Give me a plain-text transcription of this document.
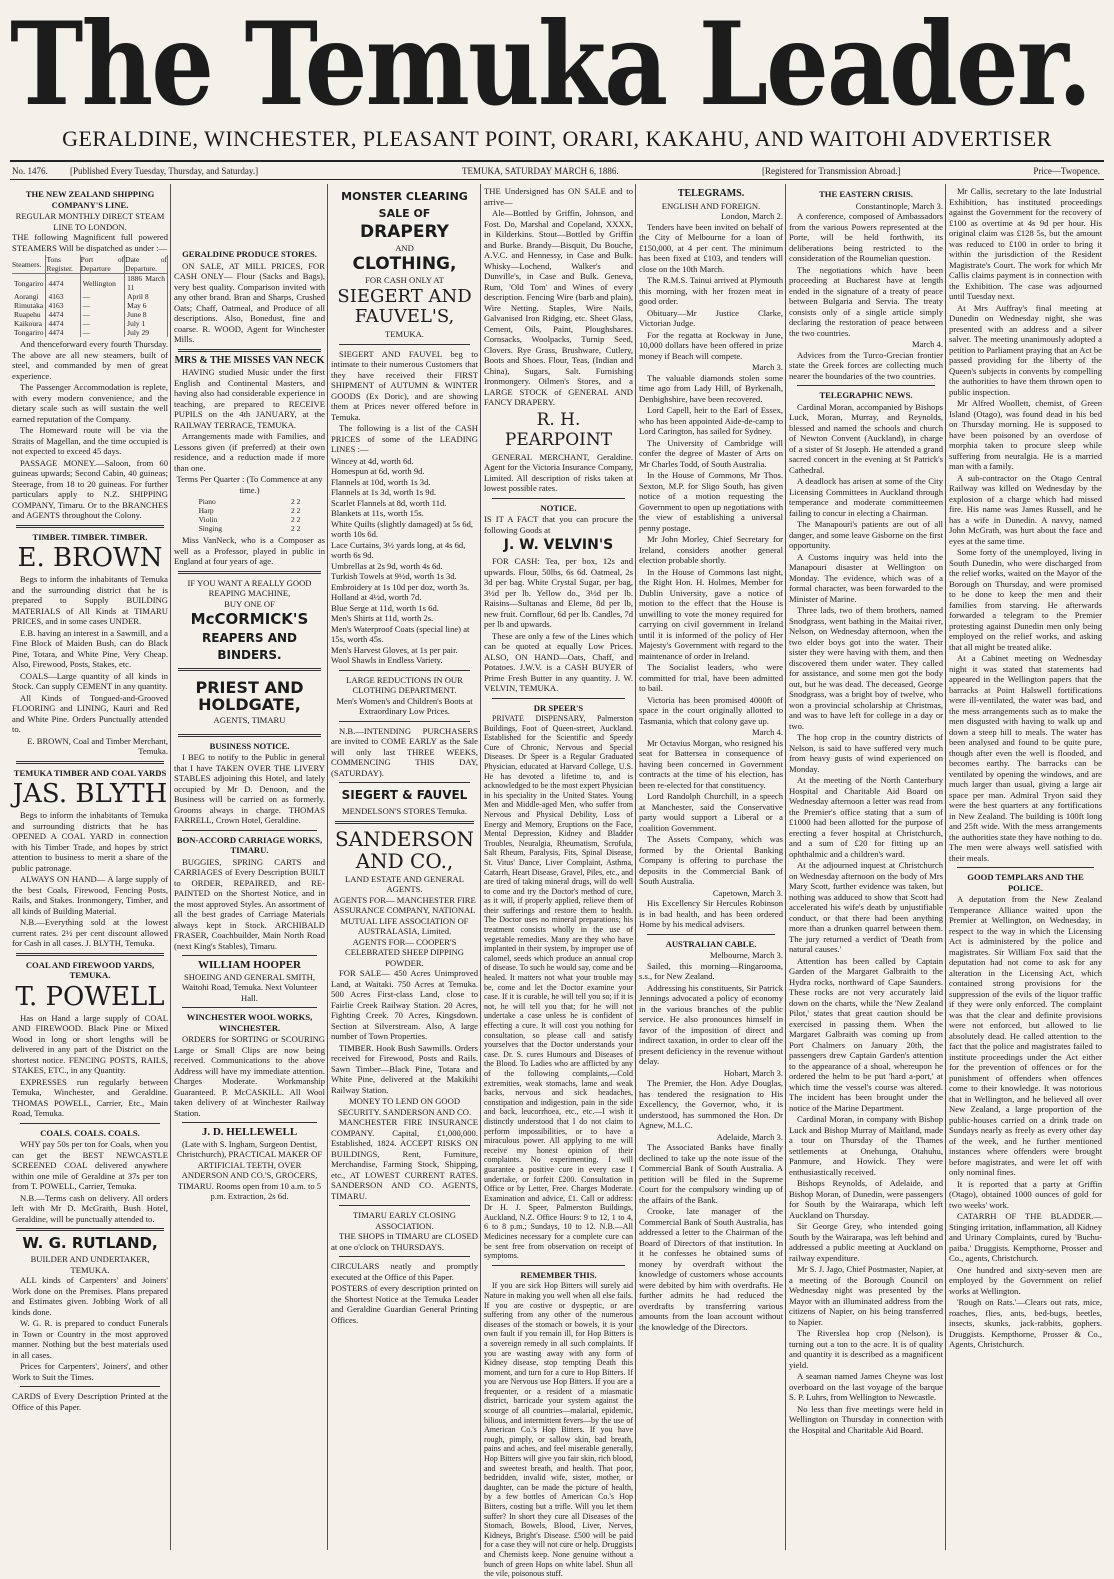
The Temuka Leader.
GERALDINE, WINCHESTER, PLEASANT POINT, ORARI, KAKAHU, AND WAITOHI ADVERTISER
No. 1476. [Published Every Tuesday, Thursday, and Saturday.]	TEMUKA, SATURDAY MARCH 6, 1886.	[Registered for Transmission Abroad.]	Price—Twopence.
THE NEW ZEALAND SHIPPING COMPANY'S LINE.
REGULAR MONTHLY DIRECT STEAM LINE TO LONDON.

THE following Magnificent full powered STEAMERS Will be dispatched as under :—

Steamers.	Tons Register.	Port of Departure	Date of Departure.
Tongariro	4474	Wellington	1886 March 11
Aorangi	4163	—	April 8
Rimutaka	4163	—	May 6
Ruapehu	4474	—	June 8
Kaikoura	4474	—	July 1
Tongariro	4474	—	July 29

And thenceforward every fourth Thursday. The above are all new steamers, built of steel, and commanded by men of great experience.

The Passenger Accommodation is replete, with every modern convenience, and the dietary scale such as will sustain the well earned reputation of the Company.

The Homeward route will be via the Straits of Magellan, and the time occupied is not expected to exceed 45 days.

PASSAGE MONEY.—Saloon, from 60 guineas upwards; Second Cabin, 40 guineas; Steerage, from 18 to 20 guineas. For further particulars apply to N.Z. SHIPPING COMPANY, Timaru. Or to the BRANCHES and AGENTS throughout the Colony.

TIMBER. TIMBER. TIMBER.
E. BROWN

Begs to inform the inhabitants of Temuka and the surrounding district that he is prepared to Supply BUILDING MATERIALS of All Kinds at TIMARU PRICES, and in some cases UNDER.

E.B. having an interest in a Sawmill, and a Fine Block of Maiden Bush, can do Black Pine, Totara, and White Pine, Very Cheap. Also, Firewood, Posts, Stakes, etc.

COALS—Large quantity of all kinds in Stock. Can supply CEMENT in any quantity.

All Kinds of Tongued-and-Grooved FLOORING and LINING, Kauri and Red and White Pine. Orders Punctually attended to.

E. BROWN, Coal and Timber Merchant, Temuka.
TEMUKA TIMBER AND COAL YARDS
JAS. BLYTH

Begs to inform the inhabitants of Temuka and surrounding districts that he has OPENED A COAL YARD in connection with his Timber Trade, and hopes by strict attention to business to merit a share of the public patronage.

ALWAYS ON HAND— A large supply of the best Coals, Firewood, Fencing Posts, Rails, and Stakes. Ironmongery, Timber, and all kinds of Building Material.

N.B.—Everything sold at the lowest current rates. 2½ per cent discount allowed for Cash in all cases. J. BLYTH, Temuka.

COAL AND FIREWOOD YARDS, TEMUKA.
T. POWELL

Has on Hand a large supply of COAL AND FIREWOOD. Black Pine or Mixed Wood in long or short lengths will be delivered in any part of the District on the shortest notice. FENCING POSTS, RAILS, STAKES, ETC., in any Quantity.

EXPRESSES run regularly between Temuka, Winchester, and Geraldine. THOMAS POWELL, Carrier, Etc., Main Road, Temuka.

COALS. COALS. COALS.

WHY pay 50s per ton for Coals, when you can get the BEST NEWCASTLE SCREENED COAL delivered anywhere within one mile of Geraldine at 37s per ton from T. POWELL, Carrier, Temuka.

N.B.—Terms cash on delivery. All orders left with Mr D. McGraith, Bush Hotel, Geraldine, will be punctually attended to.

W. G. RUTLAND,
BUILDER AND UNDERTAKER, TEMUKA.

ALL kinds of Carpenters' and Joiners' Work done on the Premises. Plans prepared and Estimates given. Jobbing Work of all kinds done.

W. G. R. is prepared to conduct Funerals in Town or Country in the most approved manner. Nothing but the best materials used in all cases.

Prices for Carpenters', Joiners', and other Work to Suit the Times.

CARDS of Every Description Printed at the Office of this Paper.

GERALDINE PRODUCE STORES.

ON SALE, AT MILL PRICES, FOR CASH ONLY— Flour (Sacks and Bags), very best quality. Comparison invited with any other brand. Bran and Sharps, Crushed Oats; Chaff, Oatmeal, and Produce of all descriptions. Also, Bonedust, fine and coarse. R. WOOD, Agent for Winchester Mills.

MRS & THE MISSES VAN NECK

HAVING studied Music under the first English and Continental Masters, and having also had considerable experience in teaching, are prepared to RECEIVE PUPILS on the 4th JANUARY, at the RAILWAY TERRACE, TEMUKA.

Arrangements made with Families, and Lessons given (if preferred) at their own residence, and a reduction made if more than one.

Terms Per Quarter : (To Commence at any time.)
Piano	2 2
Harp	2 2
Violin	2 2
Singing	2 2

Miss VanNeck, who is a Composer as well as a Professor, played in public in England at four years of age.

IF YOU WANT A REALLY GOOD REAPING MACHINE,
BUY ONE OF
McCORMICK'S
REAPERS AND BINDERS.
PRIEST AND HOLDGATE,
AGENTS, TIMARU
BUSINESS NOTICE.

I BEG to notify to the Public in general that I have TAKEN OVER THE LIVERY STABLES adjoining this Hotel, and lately occupied by Mr D. Denoon, and the Business will be carried on as formerly. Grooms always in charge. THOMAS FARRELL, Crown Hotel, Geraldine.

BON-ACCORD CARRIAGE WORKS, TIMARU.

BUGGIES, SPRING CARTS and CARRIAGES of Every Description BUILT to ORDER, REPAIRED, and RE-PAINTED on the Shortest Notice, and in the most approved Styles. An assortment of all the best grades of Carriage Materials always kept in Stock. ARCHIBALD FRASER, Coachbuilder, Main North Road (next King's Stables), Timaru.

WILLIAM HOOPER
SHOEING AND GENERAL SMITH, Waitohi Road, Temuka. Next Volunteer Hall.
WINCHESTER WOOL WORKS, WINCHESTER.

ORDERS for SORTING or SCOURING Large or Small Clips are now being received. Communications to the above Address will have my immediate attention. Charges Moderate. Workmanship Guaranteed. P. McCASKILL. All Wool taken delivery of at Winchester Railway Station.

J. D. HELLEWELL
(Late with S. Ingham, Surgeon Dentist, Christchurch), PRACTICAL MAKER OF ARTIFICIAL TEETH, OVER ANDERSON AND CO.'S, GROCERS, TIMARU. Rooms open from 10 a.m. to 5 p.m. Extraction, 2s 6d.
MONSTER CLEARING SALE OF
DRAPERY
AND
CLOTHING,
FOR CASH ONLY AT
SIEGERT AND FAUVEL'S,
TEMUKA.

SIEGERT AND FAUVEL beg to intimate to their numerous Customers that they have received their FIRST SHIPMENT of AUTUMN & WINTER GOODS (Ex Doric), and are showing them at Prices never offered before in Temuka.

The following is a list of the CASH PRICES of some of the LEADING LINES :—

Wincey at 4d, worth 6d.
Homespun at 6d, worth 9d.
Flannels at 10d, worth 1s 3d.
Flannels at 1s 3d, worth 1s 9d.
Scarlet Flannels at 8d, worth 11d.
Blankets at 11s, worth 15s.
White Quilts (slightly damaged) at 5s 6d, worth 10s 6d.
Lace Curtains, 3½ yards long, at 4s 6d, worth 6s 9d.
Umbrellas at 2s 9d, worth 4s 6d.
Turkish Towels at 9½d, worth 1s 3d.
Embroidery at 1s 10d per doz, worth 3s.
Holland at 4½d, worth 7d.
Blue Serge at 11d, worth 1s 6d.
Men's Shirts at 11d, worth 2s.
Men's Waterproof Coats (special line) at 15s, worth 45s.
Men's Harvest Gloves, at 1s per pair.
Wool Shawls in Endless Variety.
LARGE REDUCTIONS IN OUR CLOTHING DEPARTMENT.
Men's Women's and Children's Boots at Extraordinary Low Prices.

N.B.—INTENDING PURCHASERS are invited to COME EARLY as the Sale will only last THREE WEEKS, COMMENCING THIS DAY, (SATURDAY).

SIEGERT & FAUVEL
MENDELSON'S STORES Temuka.
SANDERSON AND CO.,
LAND ESTATE AND GENERAL AGENTS.
AGENTS FOR— MANCHESTER FIRE ASSURANCE COMPANY, NATIONAL MUTUAL LIFE ASSOCIATION OF AUSTRALASIA, Limited.
AGENTS FOR— COOPER'S CELEBRATED SHEEP DIPPING POWDER.

FOR SALE— 450 Acres Unimproved Land, at Waitaki. 750 Acres at Temuka. 500 Acres First-class Land, close to Fairlie Creek Railway Station. 20 Acres, Fighting Creek. 70 Acres, Kingsdown. Section at Silverstream. Also, A large number of Town Properties.

TIMBER. Hook Bush Sawmills. Orders received for Firewood, Posts and Rails. Sawn Timber—Black Pine, Totara and White Pine, delivered at the Makikihi Railway Station.

MONEY TO LEND ON GOOD SECURITY. SANDERSON AND CO.

MANCHESTER FIRE INSURANCE COMPANY. Capital, £1,000,000. Established, 1824. ACCEPT RISKS ON BUILDINGS, Rent, Furniture, Merchandise, Farming Stock, Shipping, etc., AT LOWEST CURRENT RATES. SANDERSON AND CO. AGENTS, TIMARU.

TIMARU EARLY CLOSING ASSOCIATION.

THE SHOPS in TIMARU are CLOSED at one o'clock on THURSDAYS.

CIRCULARS neatly and promptly executed at the Office of this Paper.

POSTERS of every description printed on the Shortest Notice at the Temuka Leader and Geraldine Guardian General Printing Offices.

THE Undersigned has ON SALE and to arrive—

Ale—Bottled by Griffin, Johnson, and Fost. Do, Marshal and Copeland, XXXX, in Kilderkins. Stout—Bottled by Griffin and Burke. Brandy—Bisquit, Du Bouche, A.V.C. and Hennessy, in Case and Bulk. Whisky—Lochend, Walker's and Dunville's, in Case and Bulk. Geneva, Rum, 'Old Tom' and Wines of every description. Fencing Wire (barb and plain), Wire Netting. Staples, Wire Nails, Galvanised Iron Ridging, etc. Sheet Glass, Cement, Oils, Paint, Ploughshares. Cornsacks, Woolpacks, Turnip Seed, Clovers. Rye Grass, Brushware, Cutlery, Boots and Shoes. Flour, Teas, (Indian and China), Sugars, Salt. Furnishing Ironmongery. Oilmen's Stores, and a LARGE STOCK of GENERAL AND FANCY DRAPERY.

R. H. PEARPOINT

GENERAL MERCHANT, Geraldine. Agent for the Victoria Insurance Company, Limited. All description of risks taken at lowest possible rates.

NOTICE.

IS IT A FACT that you can procure the following Goods at

J. W. VELVIN'S

FOR CASH: Tea, per box, 12s and upwards. Flour, 50lbs, 6s 6d. Oatmeal, 2s 3d per bag. White Crystal Sugar, per bag, 3½d per lb. Yellow do., 3½d per lb. Raisins—Sultanas and Eleme, 8d per lb, new fruit. Cornflour, 6d per lb. Candles, 7d per lb and upwards.

These are only a few of the Lines which can be quoted at equally Low Prices. ALSO, ON HAND—Oats, Chaff, and Potatoes. J.W.V. is a CASH BUYER of Prime Fresh Butter in any quantity. J. W. VELVIN, TEMUKA.

DR SPEER'S

PRIVATE DISPENSARY, Palmerston Buildings, Foot of Queen-street, Auckland. Established for the Scientific and Speedy Cure of Chronic, Nervous and Special Diseases. Dr Speer is a Regular Graduated Physician, educated at Harvard College, U.S. He has devoted a lifetime to, and is acknowledged to be the most expert Physician in his speciality in the United States. Young Men and Middle-aged Men, who suffer from Nervous and Physical Debility, Loss of Energy and Memory, Eruptions on the Face, Mental Depression, Kidney and Bladder Troubles, Neuralgia, Rheumatism, Scrofula, Salt Rheum, Paralysis, Fits, Spinal Disease, St. Vitus' Dance, Liver Complaint, Asthma, Catarrh, Heart Disease, Gravel, Piles, etc., and are tired of taking mineral drugs, will do well to come and try the Doctor's method of cure, as it will, if properly applied, relieve them of their sufferings and restore them to health. The Doctor uses no mineral preparations; his treatment consists wholly in the use of vegetable remedies. Many are they who have implanted in their system, by improper use of calomel, seeds which produce an annual crop of disease. To such he would say, come and be healed. It matters not what your trouble may be, come and let the Doctor examine your case. If it is curable, he will tell you so; if it is not, he will tell you that; for he will not undertake a case unless he is confident of effecting a cure. It will cost you nothing for consultation, so please call and satisfy yourselves that the Doctor understands your case. Dr. S. cures Humours and Diseases of the Blood. To Ladies who are afflicted by any of the following complaints,—Cold extremities, weak stomachs, lame and weak backs, nervous and sick headaches, constipation and indigestion, pain in the side and back, leucorrhoea, etc., etc.—I wish it distinctly understood that I do not claim to perform impossibilities, or to have a miraculous power. All applying to me will receive my honest opinion of their complaints. No experimenting. I will guarantee a positive cure in every case I undertake, or forfeit £200. Consultation in Office or by Letter, Free. Charges Moderate. Examination and advice, £1. Call or address: Dr H. J. Speer, Palmerston Buildings, Auckland, N.Z. Office Hours: 9 to 12, 1 to 4, 6 to 8 p.m.; Sundays, 10 to 12. N.B.—All Medicines necessary for a complete cure can be sent free from observation on receipt of symptoms.

REMEMBER THIS.

If you are sick Hop Bitters will surely aid Nature in making you well when all else fails. If you are costive or dyspeptic, or are suffering from any other of the numerous diseases of the stomach or bowels, it is your own fault if you remain ill, for Hop Bitters is a sovereign remedy in all such complaints. If you are wasting away with any form of Kidney disease, stop tempting Death this moment, and turn for a cure to Hop Bitters. If you are Nervous use Hop Bitters. If you are a frequenter, or a resident of a miasmatic district, barricade your system against the scourge of all countries—malarial, epidemic, bilious, and intermittent fevers—by the use of American Co.'s Hop Bitters. If you have rough, pimply, or sallow skin, bad breath, pains and aches, and feel miserable generally, Hop Bitters will give you fair skin, rich blood, and sweetest breath, and health. That poor, bedridden, invalid wife, sister, mother, or daughter, can be made the picture of health, by a few bottles of American Co.'s Hop Bitters, costing but a trifle. Will you let them suffer? In short they cure all Diseases of the Stomach, Bowels, Blood, Liver, Nerves, Kidneys, Bright's Disease. £500 will be paid for a case they will not cure or help. Druggists and Chemists keep. None genuine without a bunch of green Hops on white label. Shun all the vile, poisonous stuff.

TELEGRAMS.
ENGLISH AND FOREIGN.
London, March 2.

Tenders have been invited on behalf of the City of Melbourne for a loan of £150,000, at 4 per cent. The minimum has been fixed at £103, and tenders will close on the 10th March.

The R.M.S. Tainui arrived at Plymouth this morning, with her frozen meat in good order.

Obituary—Mr Justice Clarke, Victorian Judge.

For the regatta at Rockway in June, 10,000 dollars have been offered in prize money if Beach will compete.

March 3.

The valuable diamonds stolen some time ago from Lady Hill, of Byrkenalh, Denbighshire, have been recovered.

Lord Capell, heir to the Earl of Essex, who has been appointed Aide-de-camp to Lord Carington, has sailed for Sydney.

The University of Cambridge will confer the degree of Master of Arts on Mr Charles Todd, of South Australia.

In the House of Commons, Mr Thos. Sexton, M.P. for Sligo South, has given notice of a motion requesting the Government to open up negotiations with the view of establishing a universal penny postage.

Mr John Morley, Chief Secretary for Ireland, considers another general election probable shortly.

In the House of Commons last night, the Right Hon. H. Holmes, Member for Dublin University, gave a notice of motion to the effect that the House is unwilling to vote the money required for carrying on civil government in Ireland until it is informed of the policy of Her Majesty's Government with regard to the maintenance of order in Ireland.

The Socialist leaders, who were committed for trial, have been admitted to bail.

Victoria has been promised 4000ft of space in the court originally allotted to Tasmania, which that colony gave up.

March 4.

Mr Octavius Morgan, who resigned his seat for Battersea in consequence of having been concerned in Government contracts at the time of his election, has been re-elected for that constituency.

Lord Randolph Churchill, in a speech at Manchester, said the Conservative party would support a Liberal or a coalition Government.

The Assets Company, which was formed by the Oriental Banking Company is offering to purchase the deposits in the Commercial Bank of South Australia.

Capetown, March 3.

His Excellency Sir Hercules Robinson is in bad health, and has been ordered Home by his medical advisers.

AUSTRALIAN CABLE.
Melbourne, March 3.

Sailed, this morning—Ringarooma, s.s., for New Zealand.

Addressing his constituents, Sir Patrick Jennings advocated a policy of economy in the various branches of the public service. He also pronounces himself in favor of the imposition of direct and indirect taxation, in order to clear off the present deficiency in the revenue without delay.

Hobart, March 3.

The Premier, the Hon. Adye Douglas, has tendered the resignation to His Excellency, the Governor, who, it is understood, has summoned the Hon. Dr Agnew, M.L.C.

Adelaide, March 3.

The Associated Banks have finally declined to take up the note issue of the Commercial Bank of South Australia. A petition will be filed in the Supreme Court for the compulsory winding up of the affairs of the Bank.

Crooke, late manager of the Commercial Bank of South Australia, has addressed a letter to the Chairman of the Board of Directors of that institution. In it he confesses he obtained sums of money by overdraft without the knowledge of customers whose accounts were debited by him with overdrafts. He further admits he had reduced the overdrafts by transferring various amounts from the loan account without the knowledge of the Directors.

THE EASTERN CRISIS.
Constantinople, March 3.

A conference, composed of Ambassadors from the various Powers represented at the Porte, will be held forthwith, its deliberations being restricted to the consideration of the Roumelian question.

The negotiations which have been proceeding at Bucharest have at length ended in the signature of a treaty of peace between Bulgaria and Servia. The treaty consists only of a single article simply declaring the restoration of peace between the two countries.

March 4.

Advices from the Turco-Grecian frontier state the Greek forces are collecting much nearer the boundaries of the two countries.

TELEGRAPHIC NEWS.

Cardinal Moran, accompanied by Bishops Luck, Moran, Murray, and Reynolds, blessed and named the schools and church of Newton Convent (Auckland), in charge of a sister of St Joseph. He attended a grand sacred concert in the evening at St Patrick's Cathedral.

A deadlock has arisen at some of the City Licensing Committees in Auckland through temperance and moderate committeemen failing to concur in electing a Chairman.

The Manapouri's patients are out of all danger, and some leave Gisborne on the first opportunity.

A Customs inquiry was held into the Manapouri disaster at Wellington on Monday. The evidence, which was of a formal character, was been forwarded to the Minister of Marine.

Three lads, two of them brothers, named Snodgrass, went bathing in the Maitai river, Nelson, on Wednesday afternoon, when the two elder boys got into the water. Their sister they were having with them, and then discovered them under water. They called for assistance, and some men got the body out, but he was dead. The deceased, George Snodgrass, was a bright boy of twelve, who won a provincial scholarship at Christmas, and was to have left for college in a day or two.

The hop crop in the country districts of Nelson, is said to have suffered very much from heavy gusts of wind experienced on Monday.

At the meeting of the North Canterbury Hospital and Charitable Aid Board on Wednesday afternoon a letter was read from the Premier's office stating that a sum of £1000 had been allotted for the purpose of erecting a fever hospital at Christchurch, and a sum of £20 for fitting up an ophthalmic and a children's ward.

At the adjourned inquest at Christchurch on Wednesday afternoon on the body of Mrs Mary Scott, further evidence was taken, but nothing was adduced to show that Scott had accelerated his wife's death by unjustifiable conduct, or that there had been anything more than a drunken quarrel between them. The jury returned a verdict of 'Death from natural causes.'

Attention has been called by Captain Garden of the Margaret Galbraith to the Hydra rocks, northward of Cape Saunders. These rocks are not very accurately laid down on the charts, while the 'New Zealand Pilot,' states that great caution should be exercised in passing them. When the Margaret Galbraith was coming up from Port Chalmers on January 20th, the passengers drew Captain Garden's attention to the appearance of a shoal, whereupon he ordered the helm to be put 'hard a-port,' at which time the vessel's course was altered. The incident has been brought under the notice of the Marine Department.

Cardinal Moran, in company with Bishop Luck and Bishop Murray of Maitland, made a tour on Thursday of the Thames settlements at Onehunga, Otahuhu, Panmure, and Howick. They were enthusiastically received.

Bishops Reynolds, of Adelaide, and Bishop Moran, of Dunedin, were passengers for South by the Wairarapa, which left Auckland on Thursday.

Sir George Grey, who intended going South by the Wairarapa, was left behind and addressed a public meeting at Auckland on railway expenditure.

Mr S. J. Jago, Chief Postmaster, Napier, at a meeting of the Borough Council on Wednesday night was presented by the Mayor with an illuminated address from the citizens of Napier, on his being transferred to Napier.

The Riverslea hop crop (Nelson), is turning out a ton to the acre. It is of quality and quantity it is described as a magnificent yield.

A seaman named James Cheyne was lost overboard on the last voyage of the barque S. P. Luhrs, from Wellington to Newcastle.

No less than five meetings were held in Wellington on Thursday in connection with the Hospital and Charitable Aid Board.

Mr Callis, secretary to the late Industrial Exhibition, has instituted proceedings against the Government for the recovery of £100 as overtime at 4s 9d per hour. His original claim was £128 5s, but the amount was reduced to £100 in order to bring it within the jurisdiction of the Resident Magistrate's Court. The work for which Mr Callis claims payment is in connection with the Exhibition. The case was adjourned until Tuesday next.

At Mrs Auffray's final meeting at Dunedin on Wednesday night, she was presented with an address and a silver salver. The meeting unanimously adopted a petition to Parliament praying that an Act be passed providing for the liberty of the Queen's subjects in convents by compelling the authorities to have them thrown open to public inspection.

Mr Alfred Woollett, chemist, of Green Island (Otago), was found dead in his bed on Thursday morning. He is supposed to have been poisoned by an overdose of morphia taken to procure sleep while suffering from neuralgia. He is a married man with a family.

A sub-contractor on the Otago Central Railway was killed on Wednesday by the explosion of a charge which had missed fire. His name was James Russell, and he has a wife in Dunedin. A navvy, named John McGrath, was hurt about the face and eyes at the same time.

Some forty of the unemployed, living in South Dunedin, who were discharged from the relief works, waited on the Mayor of the Borough on Thursday, and were promised to be done to keep the men and their families from starving. He afterwards forwarded a telegram to the Premier protesting against Dunedin men only being employed on the relief works, and asking that all might be treated alike.

At a Cabinet meeting on Wednesday night it was stated that statements had appeared in the Wellington papers that the barracks at Point Halswell fortifications were ill-ventilated, the water was bad, and the mess arrangements such as to make the men disgusted with having to walk up and down a steep hill to meals. The water has been analysed and found to be quite pure, though after even the well is flooded, and becomes earthy. The barracks can be ventilated by opening the windows, and are much larger than usual, giving a large air space per man. Admiral Tryon said they were the best quarters at any fortifications in New Zealand. The building is 100ft long and 25ft wide. With the mess arrangements the authorities state they have nothing to do. The men were always well satisfied with their meals.

GOOD TEMPLARS AND THE POLICE.

A deputation from the New Zealand Temperance Alliance waited upon the Premier at Wellington, on Wednesday, in respect to the way in which the Licensing Act is administered by the police and magistrates. Sir William Fox said that the deputation had not come to ask for any alteration in the Licensing Act, which contained strong provisions for the suppression of the evils of the liquor traffic if they were only enforced. The complaint was that the clear and definite provisions were not enforced, but allowed to lie absolutely dead. He called attention to the fact that the police and magistrates failed to institute proceedings under the Act either for the prevention of offences or for the punishment of offenders when offences come to their knowledge. It was notorious that in Wellington, and he believed all over New Zealand, a large proportion of the public-houses carried on a drink trade on Sundays nearly as freely as every other day of the week, and he further mentioned instances where offenders were brought before magistrates, and were let off with only nominal fines.

It is reported that a party at Griffin (Otago), obtained 1000 ounces of gold for two weeks' work.

CATARRH OF THE BLADDER.—Stinging irritation, inflammation, all Kidney and Urinary Complaints, cured by 'Buchu-paiba.' Druggists. Kempthorne, Prosser and Co., agents, Christchurch.

One hundred and sixty-seven men are employed by the Government on relief works at Wellington.

'Rough on Rats.'—Clears out rats, mice, roaches, flies, ants, bed-bugs, beetles, insects, skunks, jack-rabbits, gophers. Druggists. Kempthorne, Prosser & Co., Agents, Christchurch.
